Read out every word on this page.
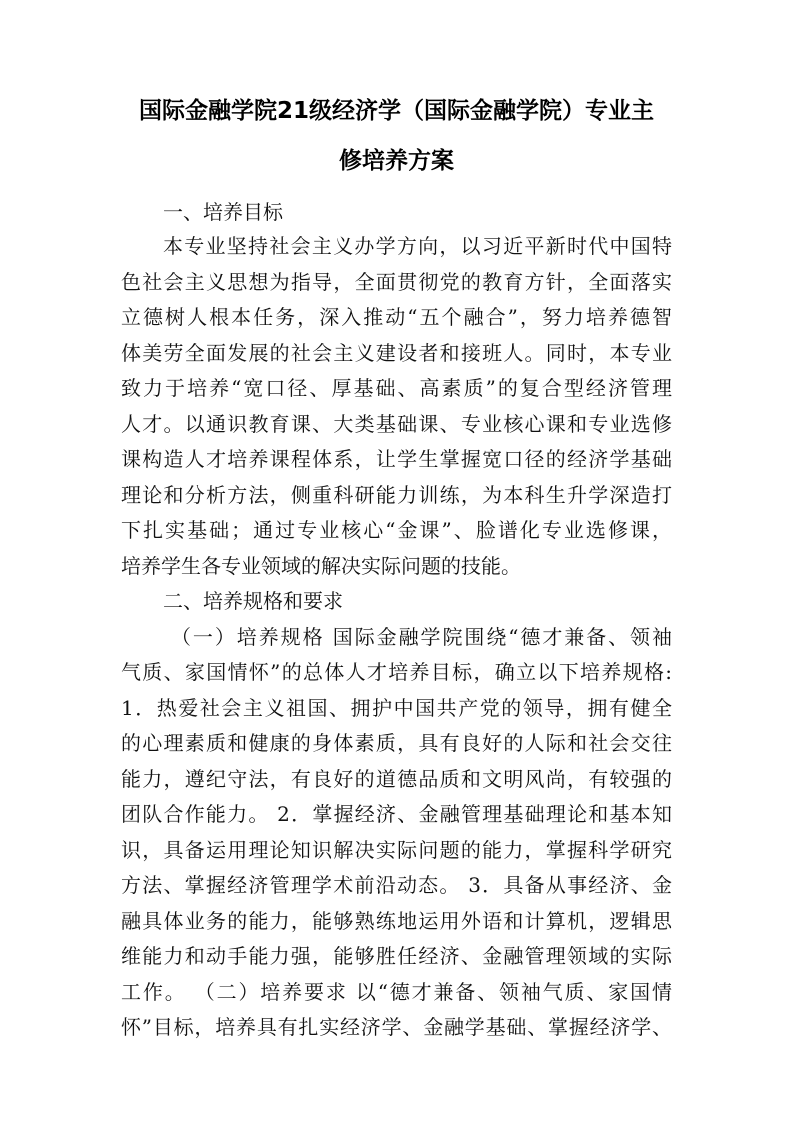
国际金融学院21级经济学（国际金融学院）专业主
修培养方案
一、培养目标
本专业坚持社会主义办学方向，以习近平新时代中国特
色社会主义思想为指导，全面贯彻党的教育方针，全面落实
立德树人根本任务，深入推动“五个融合”，努力培养德智
体美劳全面发展的社会主义建设者和接班人。同时，本专业
致力于培养“宽口径、厚基础、高素质”的复合型经济管理
人才。以通识教育课、大类基础课、专业核心课和专业选修
课构造人才培养课程体系，让学生掌握宽口径的经济学基础
理论和分析方法，侧重科研能力训练，为本科生升学深造打
下扎实基础；通过专业核心“金课”、脸谱化专业选修课，
培养学生各专业领域的解决实际问题的技能。
二、培养规格和要求
（一）培养规格 国际金融学院围绕“德才兼备、领袖
气质、家国情怀”的总体人才培养目标，确立以下培养规格:
1．热爱社会主义祖国、拥护中国共产党的领导，拥有健全
的心理素质和健康的身体素质，具有良好的人际和社会交往
能力，遵纪守法，有良好的道德品质和文明风尚，有较强的
团队合作能力。 2．掌握经济、金融管理基础理论和基本知
识，具备运用理论知识解决实际问题的能力，掌握科学研究
方法、掌握经济管理学术前沿动态。 3．具备从事经济、金
融具体业务的能力，能够熟练地运用外语和计算机，逻辑思
维能力和动手能力强，能够胜任经济、金融管理领域的实际
工作。 （二）培养要求 以“德才兼备、领袖气质、家国情
怀”目标，培养具有扎实经济学、金融学基础、掌握经济学、
